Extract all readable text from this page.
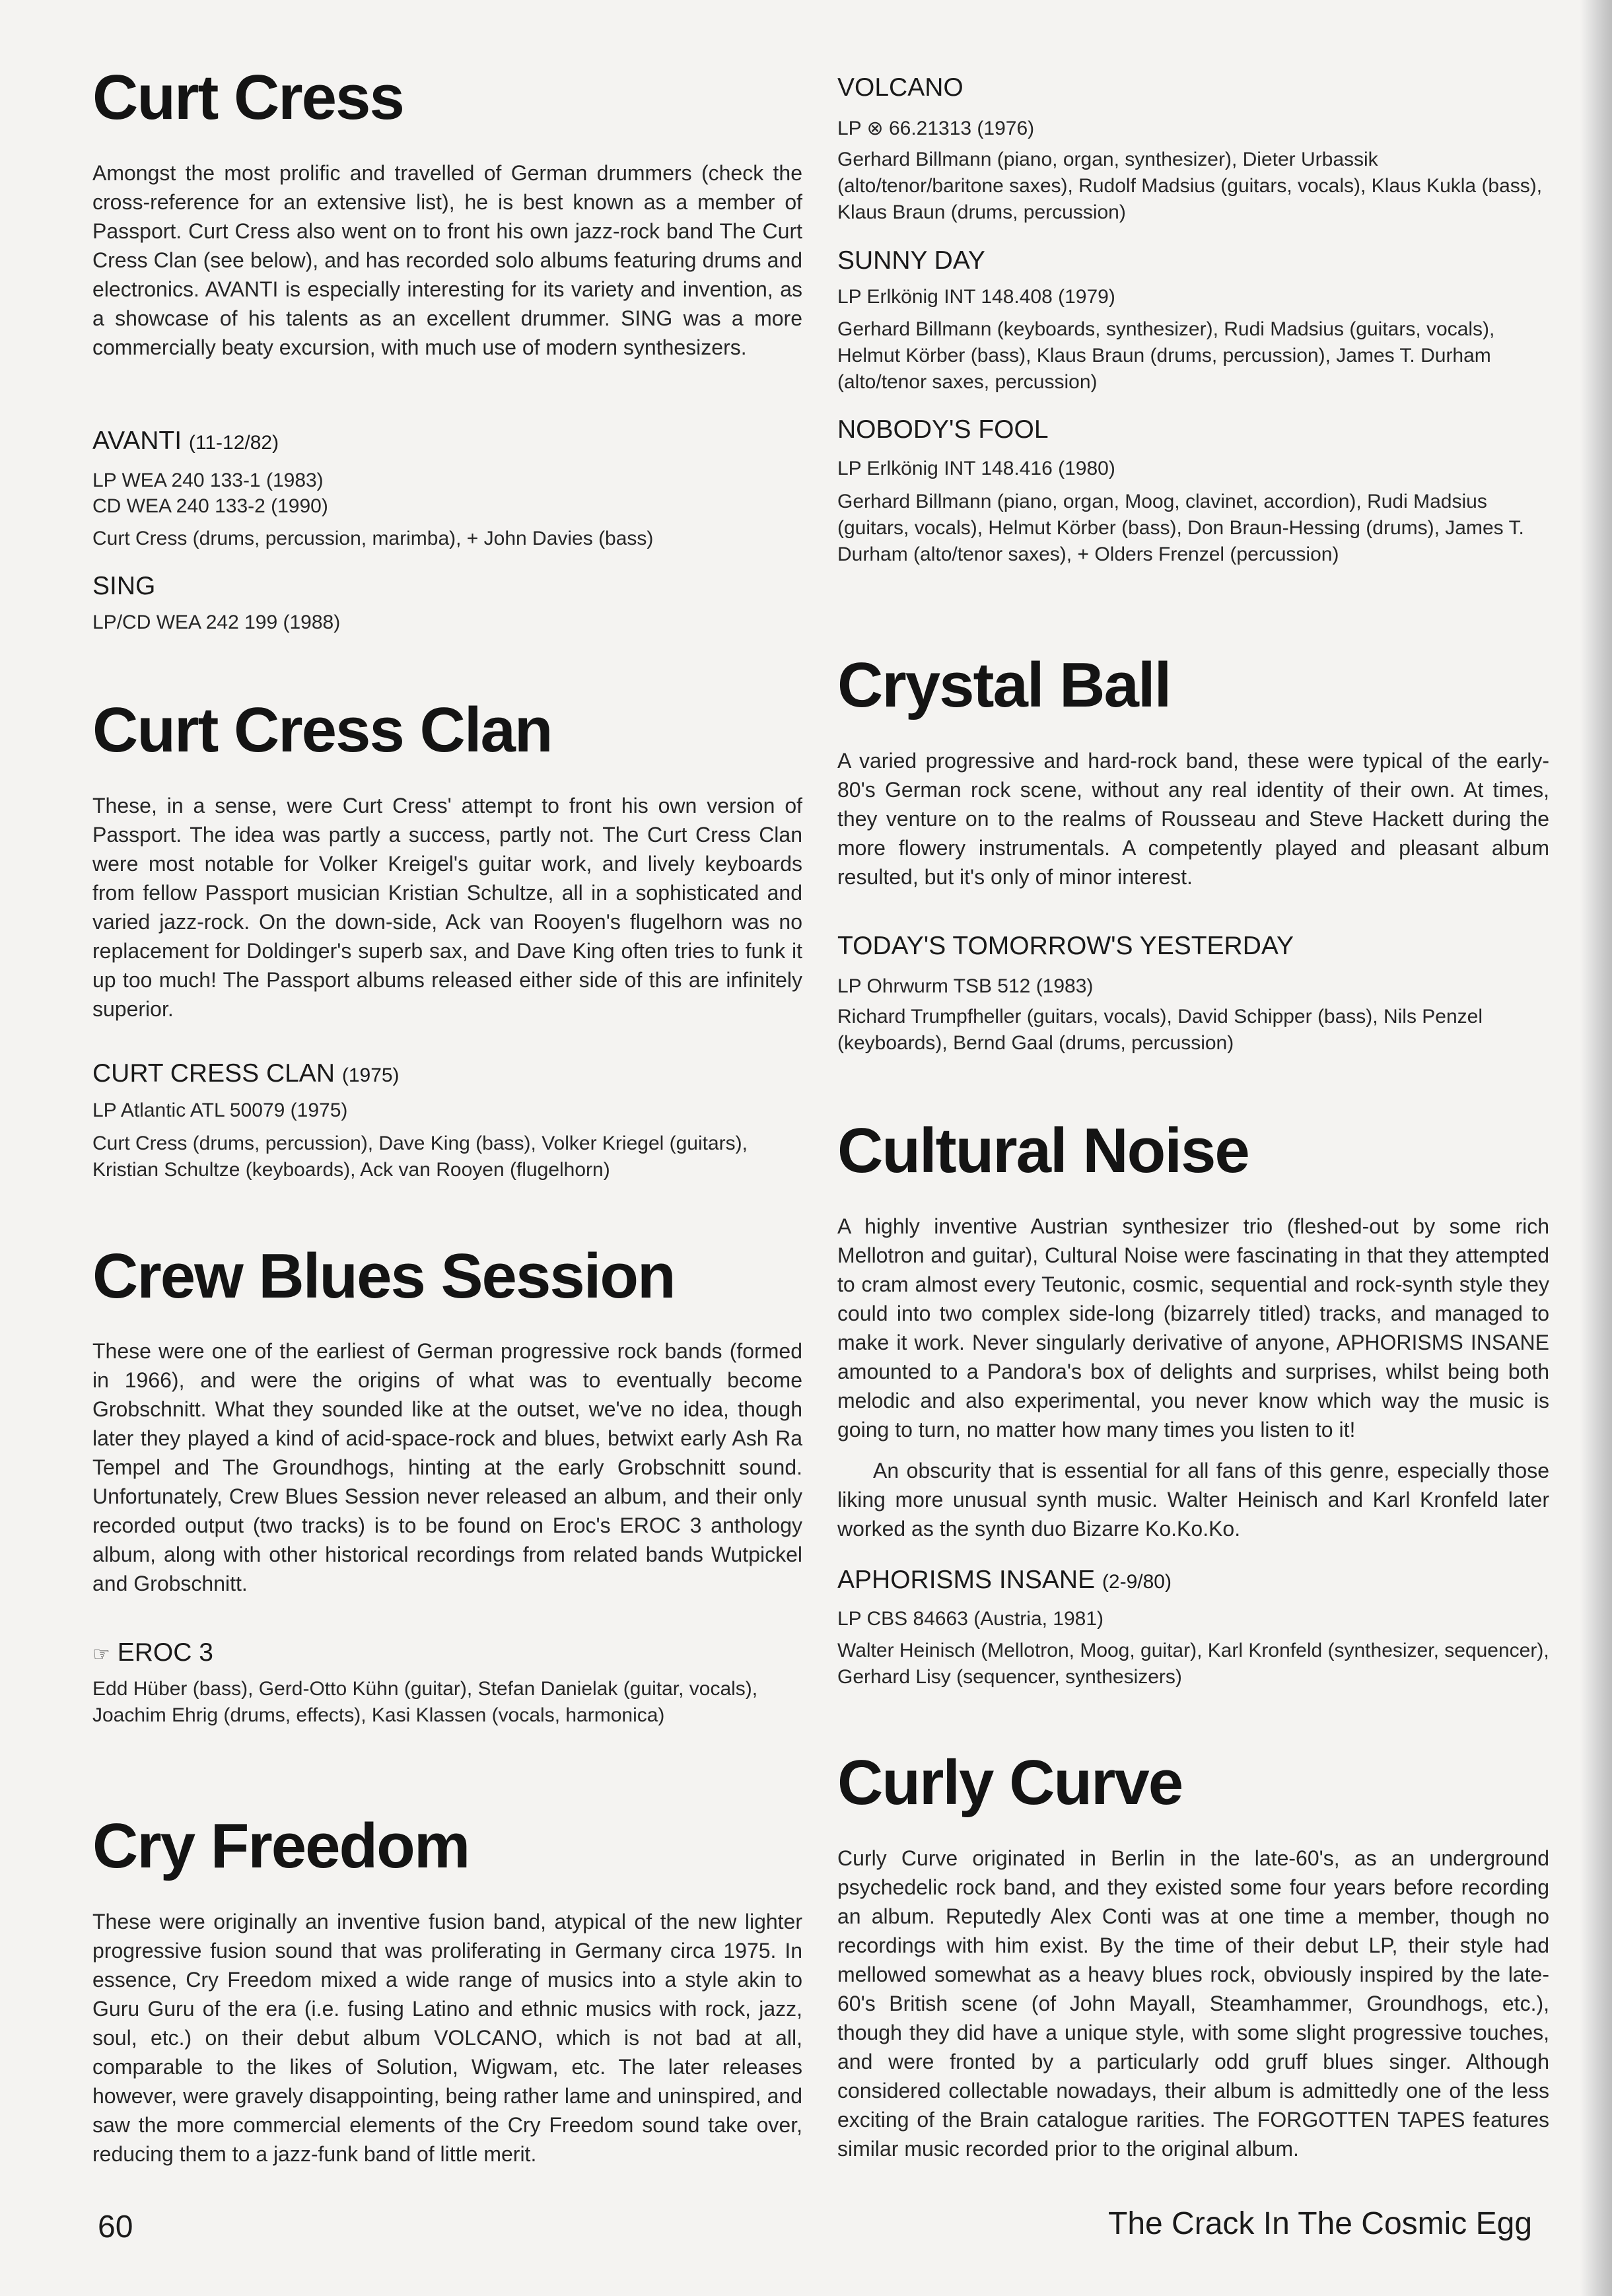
Curt Cress

Amongst the most prolific and travelled of German drummers (check the cross-reference for an extensive list), he is best known as a member of Passport. Curt Cress also went on to front his own jazz-rock band The Curt Cress Clan (see below), and has recorded solo albums featuring drums and electronics. AVANTI is especially interesting for its variety and invention, as a showcase of his talents as an excellent drummer. SING was a more commercially beaty excursion, with much use of modern synthesizers.

AVANTI (11-12/82)

LP WEA 240 133-1 (1983)

CD WEA 240 133-2 (1990)

Curt Cress (drums, percussion, marimba), + John Davies (bass)

SING

LP/CD WEA 242 199 (1988)

Curt Cress Clan

These, in a sense, were Curt Cress' attempt to front his own version of Passport. The idea was partly a success, partly not. The Curt Cress Clan were most notable for Volker Kreigel's guitar work, and lively keyboards from fellow Passport musician Kristian Schultze, all in a sophisticated and varied jazz-rock. On the down-side, Ack van Rooyen's flugelhorn was no replacement for Doldinger's superb sax, and Dave King often tries to funk it up too much! The Passport albums released either side of this are infinitely superior.

CURT CRESS CLAN (1975)

LP Atlantic ATL 50079 (1975)

Curt Cress (drums, percussion), Dave King (bass), Volker Kriegel (guitars), Kristian Schultze (keyboards), Ack van Rooyen (flugelhorn)

Crew Blues Session

These were one of the earliest of German progressive rock bands (formed in 1966), and were the origins of what was to eventually become Grobschnitt. What they sounded like at the outset, we've no idea, though later they played a kind of acid-space-rock and blues, betwixt early Ash Ra Tempel and The Groundhogs, hinting at the early Grobschnitt sound. Unfortunately, Crew Blues Session never released an album, and their only recorded output (two tracks) is to be found on Eroc's EROC 3 anthology album, along with other historical recordings from related bands Wutpickel and Grobschnitt.

☞ EROC 3

Edd Hüber (bass), Gerd-Otto Kühn (guitar), Stefan Danielak (guitar, vocals), Joachim Ehrig (drums, effects), Kasi Klassen (vocals, harmonica)

Cry Freedom

These were originally an inventive fusion band, atypical of the new lighter progressive fusion sound that was proliferating in Germany circa 1975. In essence, Cry Freedom mixed a wide range of musics into a style akin to Guru Guru of the era (i.e. fusing Latino and ethnic musics with rock, jazz, soul, etc.) on their debut album VOLCANO, which is not bad at all, comparable to the likes of Solution, Wigwam, etc. The later releases however, were gravely disappointing, being rather lame and uninspired, and saw the more commercial elements of the Cry Freedom sound take over, reducing them to a jazz-funk band of little merit.

VOLCANO

LP ⊗ 66.21313 (1976)

Gerhard Billmann (piano, organ, synthesizer), Dieter Urbassik (alto/tenor/baritone saxes), Rudolf Madsius (guitars, vocals), Klaus Kukla (bass), Klaus Braun (drums, percussion)

SUNNY DAY

LP Erlkönig INT 148.408 (1979)

Gerhard Billmann (keyboards, synthesizer), Rudi Madsius (guitars, vocals), Helmut Körber (bass), Klaus Braun (drums, percussion), James T. Durham (alto/tenor saxes, percussion)

NOBODY'S FOOL

LP Erlkönig INT 148.416 (1980)

Gerhard Billmann (piano, organ, Moog, clavinet, accordion), Rudi Madsius (guitars, vocals), Helmut Körber (bass), Don Braun-Hessing (drums), James T. Durham (alto/tenor saxes), + Olders Frenzel (percussion)

Crystal Ball

A varied progressive and hard-rock band, these were typical of the early-80's German rock scene, without any real identity of their own. At times, they venture on to the realms of Rousseau and Steve Hackett during the more flowery instrumentals. A competently played and pleasant album resulted, but it's only of minor interest.

TODAY'S TOMORROW'S YESTERDAY

LP Ohrwurm TSB 512 (1983)

Richard Trumpfheller (guitars, vocals), David Schipper (bass), Nils Penzel (keyboards), Bernd Gaal (drums, percussion)

Cultural Noise

A highly inventive Austrian synthesizer trio (fleshed-out by some rich Mellotron and guitar), Cultural Noise were fascinating in that they attempted to cram almost every Teutonic, cosmic, sequential and rock-synth style they could into two complex side-long (bizarrely titled) tracks, and managed to make it work. Never singularly derivative of anyone, APHORISMS INSANE amounted to a Pandora's box of delights and surprises, whilst being both melodic and also experimental, you never know which way the music is going to turn, no matter how many times you listen to it!

An obscurity that is essential for all fans of this genre, especially those liking more unusual synth music. Walter Heinisch and Karl Kronfeld later worked as the synth duo Bizarre Ko.Ko.Ko.

APHORISMS INSANE (2-9/80)

LP CBS 84663 (Austria, 1981)

Walter Heinisch (Mellotron, Moog, guitar), Karl Kronfeld (synthesizer, sequencer), Gerhard Lisy (sequencer, synthesizers)

Curly Curve

Curly Curve originated in Berlin in the late-60's, as an underground psychedelic rock band, and they existed some four years before recording an album. Reputedly Alex Conti was at one time a member, though no recordings with him exist. By the time of their debut LP, their style had mellowed somewhat as a heavy blues rock, obviously inspired by the late-60's British scene (of John Mayall, Steamhammer, Groundhogs, etc.), though they did have a unique style, with some slight progressive touches, and were fronted by a particularly odd gruff blues singer. Although considered collectable nowadays, their album is admittedly one of the less exciting of the Brain catalogue rarities. The FORGOTTEN TAPES features similar music recorded prior to the original album.

60	The Crack In The Cosmic Egg
